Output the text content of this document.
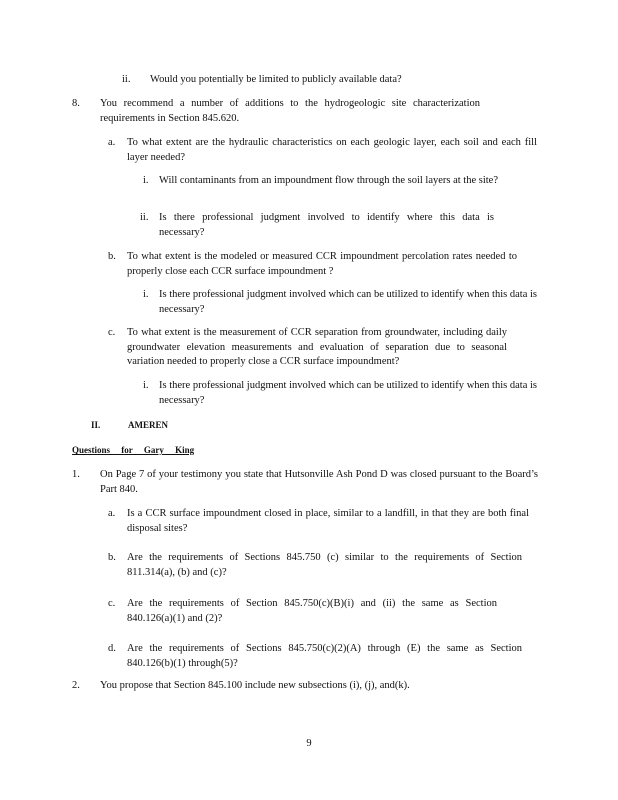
ii. Would you potentially be limited to publicly available data?
8. You recommend a number of additions to the hydrogeologic site characterization requirements in Section 845.620.
a. To what extent are the hydraulic characteristics on each geologic layer, each soil and each fill layer needed?
i. Will contaminants from an impoundment flow through the soil layers at the site?
ii. Is there professional judgment involved to identify where this data is necessary?
b. To what extent is the modeled or measured CCR impoundment percolation rates needed to properly close each CCR surface impoundment ?
i. Is there professional judgment involved which can be utilized to identify when this data is necessary?
c. To what extent is the measurement of CCR separation from groundwater, including daily groundwater elevation measurements and evaluation of separation due to seasonal variation needed to properly close a CCR surface impoundment?
i. Is there professional judgment involved which can be utilized to identify when this data is necessary?
II.	AMEREN
Questions for Gary King
1. On Page 7 of your testimony you state that Hutsonville Ash Pond D was closed pursuant to the Board’s Part 840.
a. Is a CCR surface impoundment closed in place, similar to a landfill, in that they are both final disposal sites?
b. Are the requirements of Sections 845.750 (c) similar to the requirements of Section 811.314(a), (b) and (c)?
c. Are the requirements of Section 845.750(c)(B)(i) and (ii) the same as Section 840.126(a)(1) and (2)?
d. Are the requirements of Sections 845.750(c)(2)(A) through (E) the same as Section 840.126(b)(1) through(5)?
2. You propose that Section 845.100 include new subsections (i), (j), and(k).
9
